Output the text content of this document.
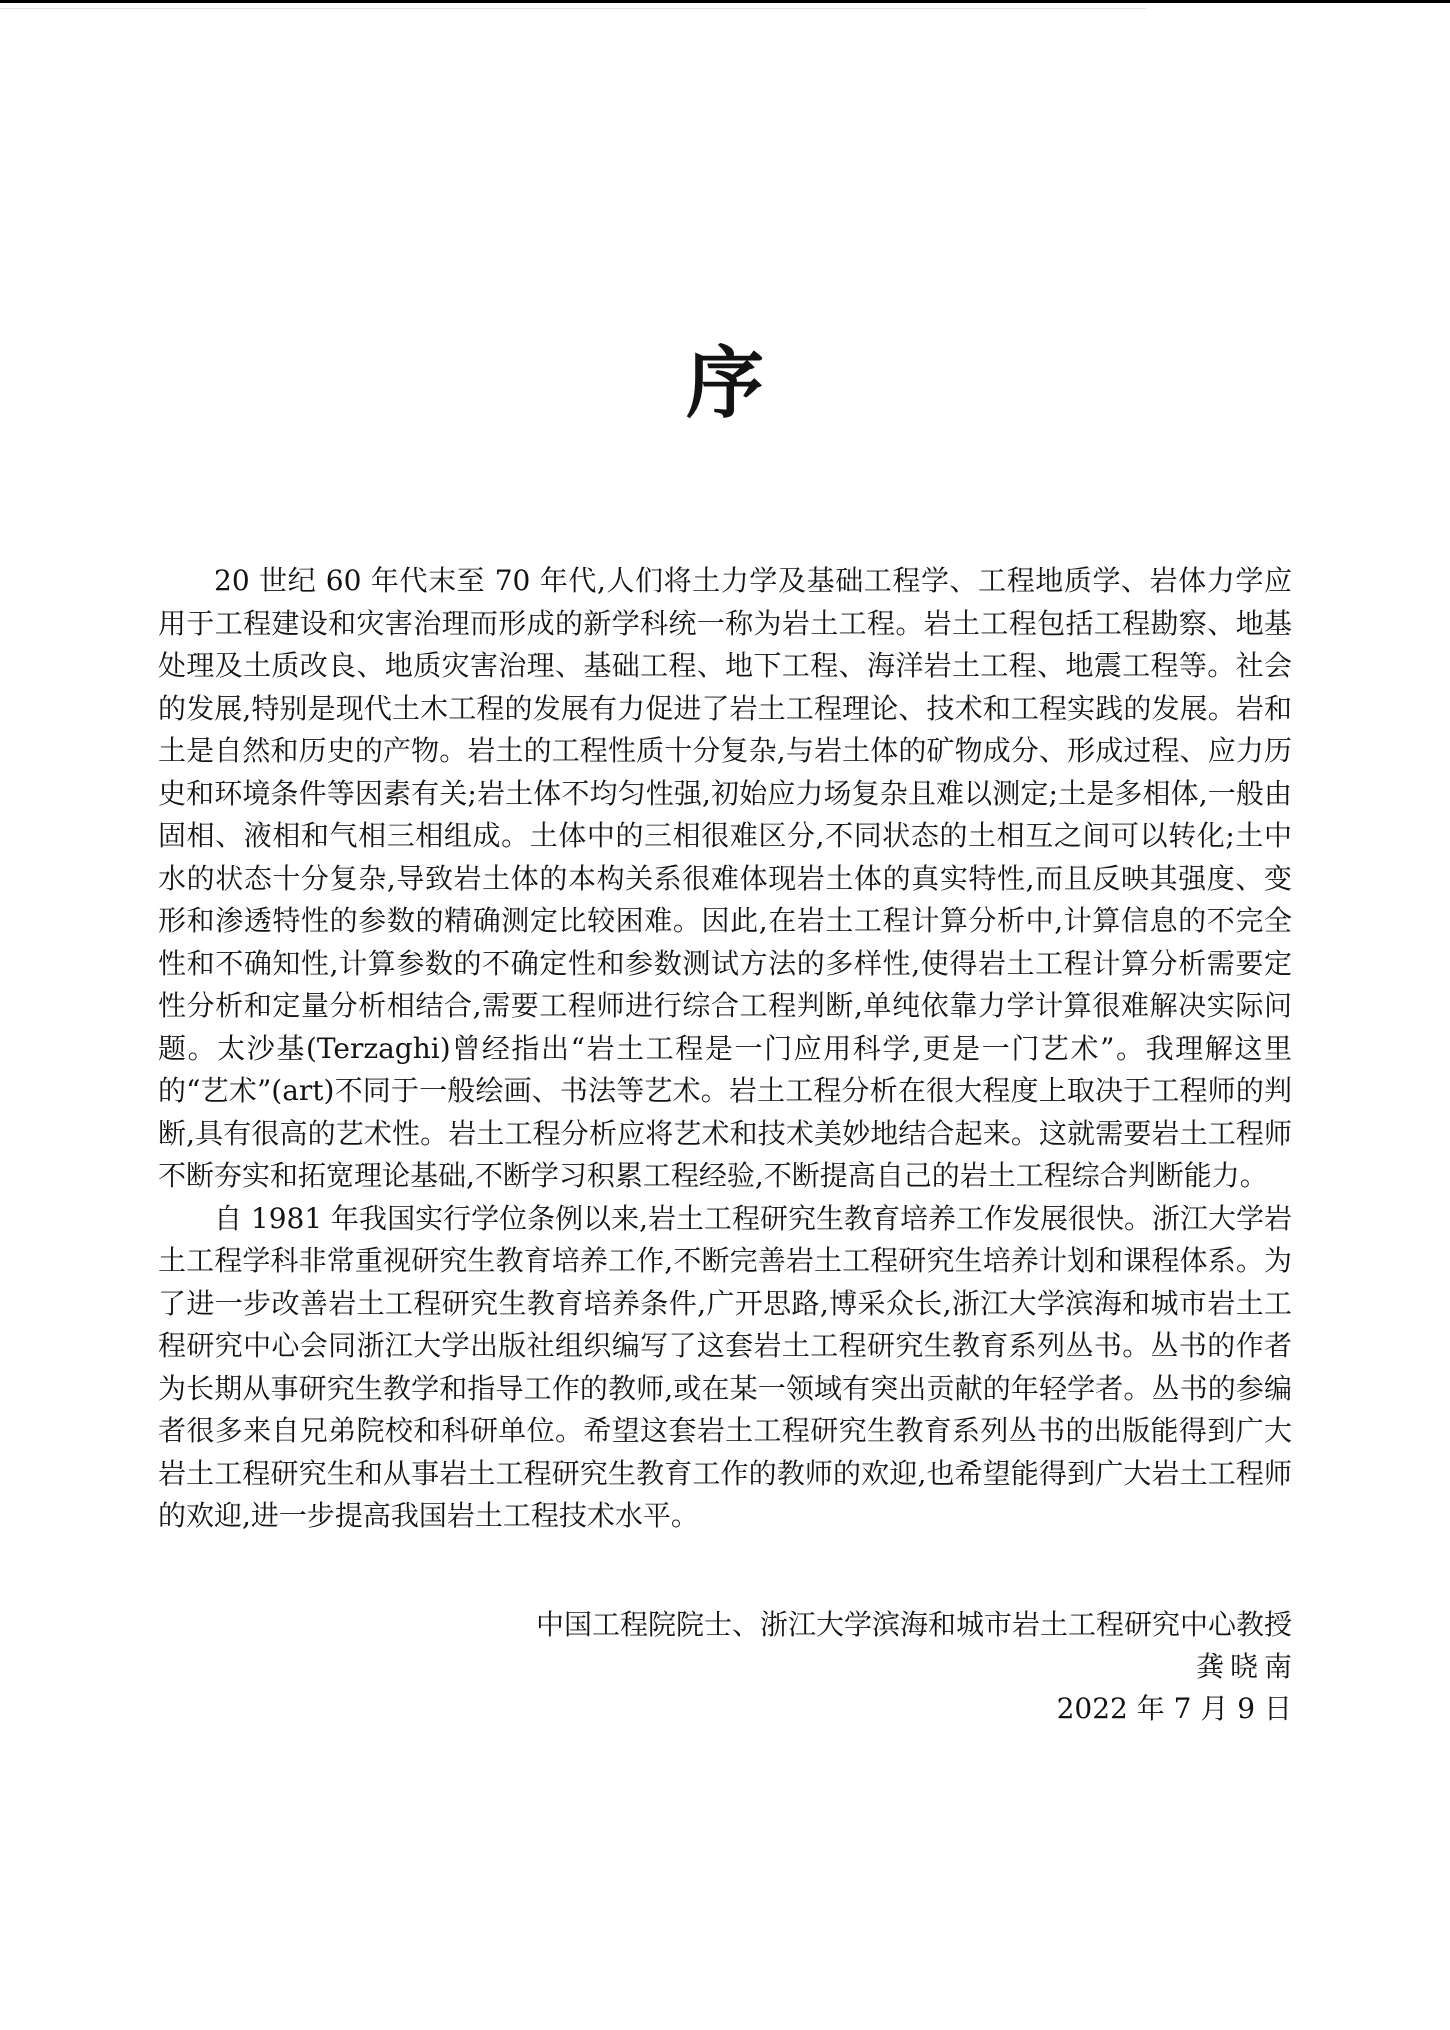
序

20 世纪 60 年代末至 70 年代,人们将土力学及基础工程学、工程地质学、岩体力学应用于工程建设和灾害治理而形成的新学科统一称为岩土工程。岩土工程包括工程勘察、地基处理及土质改良、地质灾害治理、基础工程、地下工程、海洋岩土工程、地震工程等。社会的发展,特别是现代土木工程的发展有力促进了岩土工程理论、技术和工程实践的发展。岩和土是自然和历史的产物。岩土的工程性质十分复杂,与岩土体的矿物成分、形成过程、应力历史和环境条件等因素有关;岩土体不均匀性强,初始应力场复杂且难以测定;土是多相体,一般由固相、液相和气相三相组成。土体中的三相很难区分,不同状态的土相互之间可以转化;土中水的状态十分复杂,导致岩土体的本构关系很难体现岩土体的真实特性,而且反映其强度、变形和渗透特性的参数的精确测定比较困难。因此,在岩土工程计算分析中,计算信息的不完全性和不确知性,计算参数的不确定性和参数测试方法的多样性,使得岩土工程计算分析需要定性分析和定量分析相结合,需要工程师进行综合工程判断,单纯依靠力学计算很难解决实际问题。太沙基(Terzaghi)曾经指出“岩土工程是一门应用科学,更是一门艺术”。我理解这里的“艺术”(art)不同于一般绘画、书法等艺术。岩土工程分析在很大程度上取决于工程师的判断,具有很高的艺术性。岩土工程分析应将艺术和技术美妙地结合起来。这就需要岩土工程师不断夯实和拓宽理论基础,不断学习积累工程经验,不断提高自己的岩土工程综合判断能力。

自 1981 年我国实行学位条例以来,岩土工程研究生教育培养工作发展很快。浙江大学岩土工程学科非常重视研究生教育培养工作,不断完善岩土工程研究生培养计划和课程体系。为了进一步改善岩土工程研究生教育培养条件,广开思路,博采众长,浙江大学滨海和城市岩土工程研究中心会同浙江大学出版社组织编写了这套岩土工程研究生教育系列丛书。丛书的作者为长期从事研究生教学和指导工作的教师,或在某一领域有突出贡献的年轻学者。丛书的参编者很多来自兄弟院校和科研单位。希望这套岩土工程研究生教育系列丛书的出版能得到广大岩土工程研究生和从事岩土工程研究生教育工作的教师的欢迎,也希望能得到广大岩土工程师的欢迎,进一步提高我国岩土工程技术水平。

中国工程院院士、浙江大学滨海和城市岩土工程研究中心教授

龚晓南

2022 年 7 月 9 日
